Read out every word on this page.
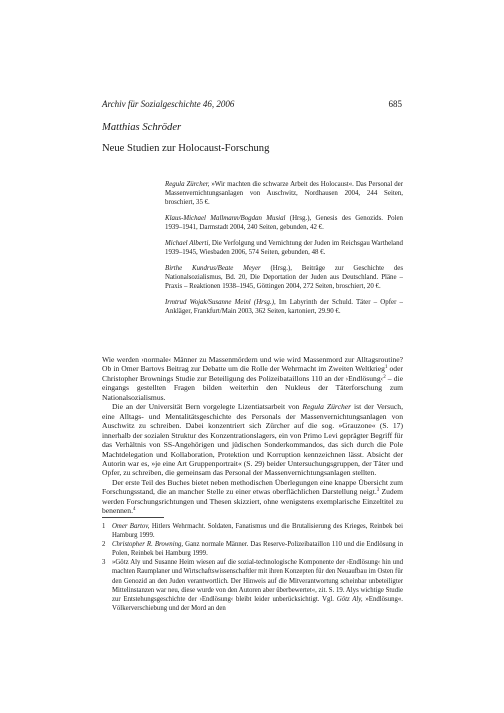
Archiv für Sozialgeschichte 46, 2006	685
Matthias Schröder
Neue Studien zur Holocaust-Forschung

Regula Zürcher, »Wir machten die schwarze Arbeit des Holocaust«. Das Personal der Massenvernichtungsanlagen von Auschwitz, Nordhausen 2004, 244 Seiten, broschiert, 35 €.

Klaus-Michael Mallmann/Bogdan Musial (Hrsg.), Genesis des Genozids. Polen 1939–1941, Darmstadt 2004, 240 Seiten, gebunden, 42 €.

Michael Alberti, Die Verfolgung und Vernichtung der Juden im Reichsgau Wartheland 1939–1945, Wiesbaden 2006, 574 Seiten, gebunden, 48 €.

Birthe Kundrus/Beate Meyer (Hrsg.), Beiträge zur Geschichte des Nationalsozialismus, Bd. 20, Die Deportation der Juden aus Deutschland. Pläne – Praxis – Reaktionen 1938–1945, Göttingen 2004, 272 Seiten, broschiert, 20 €.

Irmtrud Wojak/Susanne Meinl (Hrsg.), Im Labyrinth der Schuld. Täter – Opfer – Ankläger, Frankfurt/Main 2003, 362 Seiten, kartoniert, 29.90 €.

Wie werden ›normale‹ Männer zu Massenmördern und wie wird Massenmord zur Alltagsroutine? Ob in Omer Bartovs Beitrag zur Debatte um die Rolle der Wehrmacht im Zweiten Weltkrieg$^1$ oder Christopher Brownings Studie zur Beteiligung des Polizeibataillons 110 an der ›Endlösung‹$^2$ – die eingangs gestellten Fragen bilden weiterhin den Nukleus der Täterforschung zum Nationalsozialismus.

Die an der Universität Bern vorgelegte Lizentiatsarbeit von Regula Zürcher ist der Versuch, eine Alltags- und Mentalitätsgeschichte des Personals der Massenvernichtungsanlagen von Auschwitz zu schreiben. Dabei konzentriert sich Zürcher auf die sog. »Grauzone« (S. 17) innerhalb der sozialen Struktur des Konzentrationslagers, ein von Primo Levi geprägter Begriff für das Verhältnis von SS-Angehörigen und jüdischen Sonderkommandos, das sich durch die Pole Machtdelegation und Kollaboration, Protektion und Korruption kennzeichnen lässt. Absicht der Autorin war es, »je eine Art Gruppenportrait« (S. 29) beider Untersuchungsgruppen, der Täter und Opfer, zu schreiben, die gemeinsam das Personal der Massenvernichtungsanlagen stellten.

Der erste Teil des Buches bietet neben methodischen Überlegungen eine knappe Übersicht zum Forschungsstand, die an mancher Stelle zu einer etwas oberflächlichen Darstellung neigt.$^3$ Zudem werden Forschungsrichtungen und Thesen skizziert, ohne wenigstens exemplarische Einzeltitel zu benennen.$^4$

1 Omer Bartov, Hitlers Wehrmacht. Soldaten, Fanatismus und die Brutalisierung des Krieges, Reinbek bei Hamburg 1999.

2 Christopher R. Browning, Ganz normale Männer. Das Reserve-Polizeibataillon 110 und die Endlösung in Polen, Reinbek bei Hamburg 1999.

3 »Götz Aly und Susanne Heim wiesen auf die sozial-technologische Komponente der ›Endlösung‹ hin und machten Raumplaner und Wirtschaftswissenschaftler mit ihren Konzepten für den Neuaufbau im Osten für den Genozid an den Juden verantwortlich. Der Hinweis auf die Mitverantwortung scheinbar unbeteiligter Mittelinstanzen war neu, diese wurde von den Autoren aber überbewertet«, zit. S. 19. Alys wichtige Studie zur Entstehungsgeschichte der ›Endlösung‹ bleibt leider unberücksichtigt. Vgl. Götz Aly, »Endlösung«. Völkerverschiebung und der Mord an den
